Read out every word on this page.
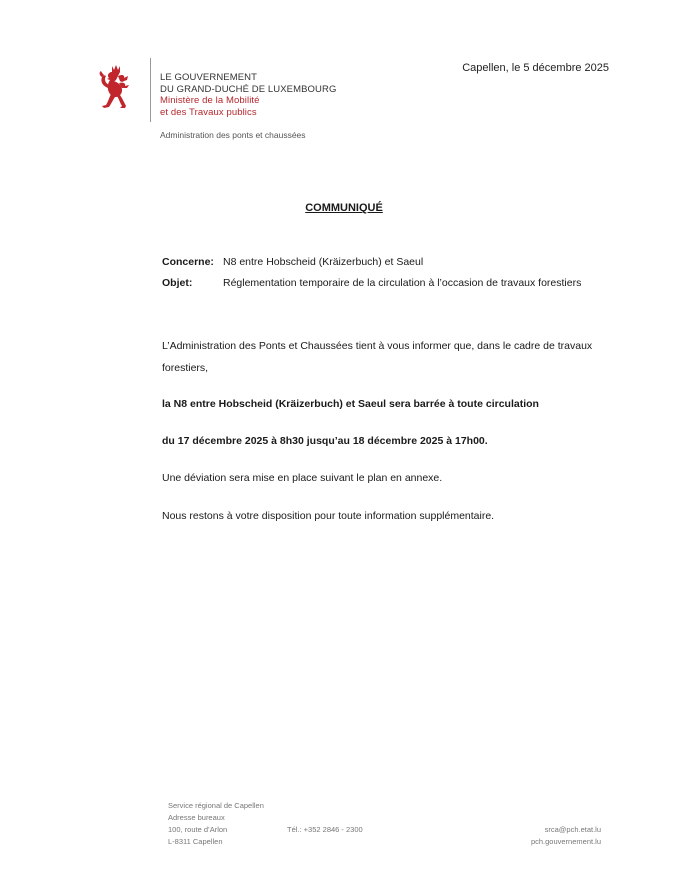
LE GOUVERNEMENT
DU GRAND-DUCHÉ DE LUXEMBOURG
Ministère de la Mobilité
et des Travaux publics
Administration des ponts et chaussées
Capellen, le 5 décembre 2025
COMMUNIQUÉ
Concerne: N8 entre Hobscheid (Kräizerbuch) et Saeul
Objet:	Réglementation temporaire de la circulation à l’occasion de travaux forestiers
L’Administration des Ponts et Chaussées tient à vous informer que, dans le cadre de travaux forestiers,
la N8 entre Hobscheid (Kräizerbuch) et Saeul sera barrée à toute circulation
du 17 décembre 2025 à 8h30 jusqu’au 18 décembre 2025 à 17h00.
Une déviation sera mise en place suivant le plan en annexe.
Nous restons à votre disposition pour toute information supplémentaire.
Service régional de Capellen
Adresse bureaux
100, route d’Arlon
L-8311 Capellen
Tél.: +352 2846 - 2300	srca@pch.etat.lu
pch.gouvernement.lu
